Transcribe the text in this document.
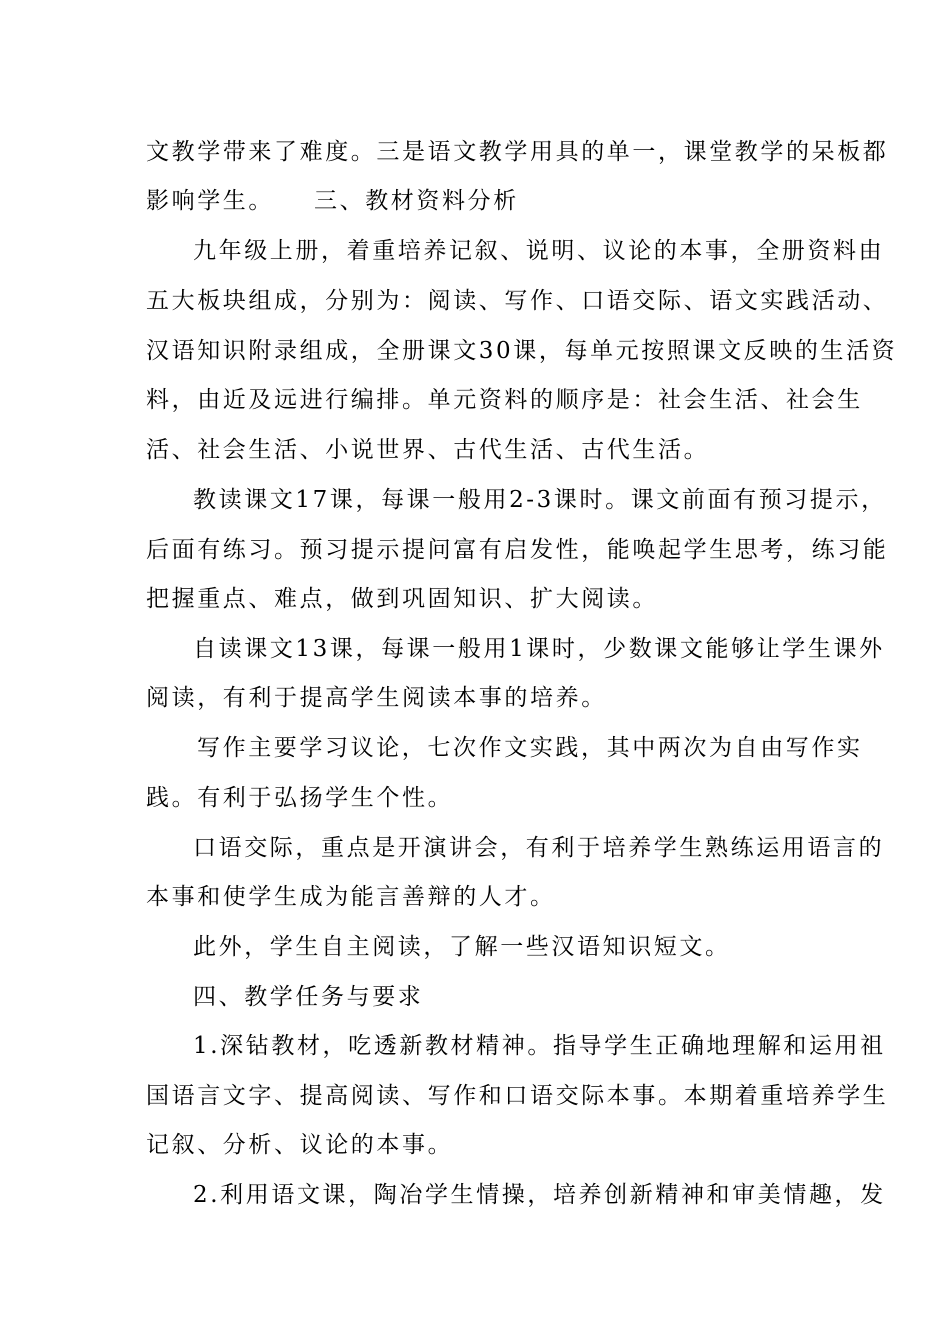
文教学带来了难度。三是语文教学用具的单一，课堂教学的呆板都
影响学生。	三、教材资料分析
九年级上册，着重培养记叙、说明、议论的本事，全册资料由
五大板块组成，分别为：阅读、写作、口语交际、语文实践活动、
汉语知识附录组成，全册课文30课，每单元按照课文反映的生活资
料，由近及远进行编排。单元资料的顺序是：社会生活、社会生
活、社会生活、小说世界、古代生活、古代生活。
教读课文17课，每课一般用2-3课时。课文前面有预习提示，
后面有练习。预习提示提问富有启发性，能唤起学生思考，练习能
把握重点、难点，做到巩固知识、扩大阅读。
自读课文13课，每课一般用1课时，少数课文能够让学生课外
阅读，有利于提高学生阅读本事的培养。
写作主要学习议论，七次作文实践，其中两次为自由写作实
践。有利于弘扬学生个性。
口语交际，重点是开演讲会，有利于培养学生熟练运用语言的
本事和使学生成为能言善辩的人才。
此外，学生自主阅读，了解一些汉语知识短文。
四、教学任务与要求
1.深钻教材，吃透新教材精神。指导学生正确地理解和运用祖
国语言文字、提高阅读、写作和口语交际本事。本期着重培养学生
记叙、分析、议论的本事。
2.利用语文课，陶冶学生情操，培养创新精神和审美情趣，发
